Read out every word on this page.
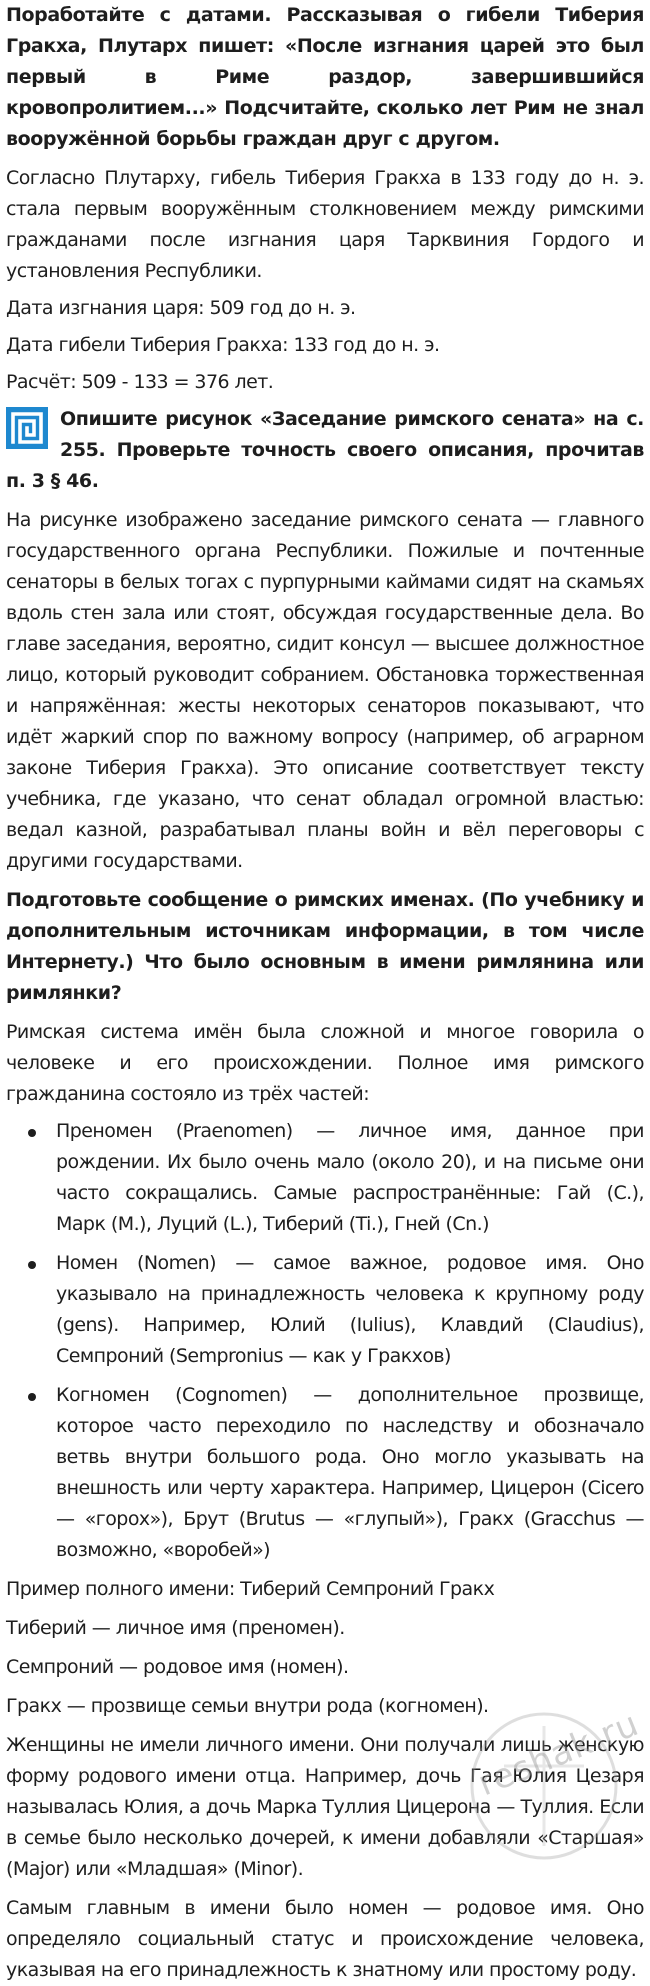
Поработайте с датами. Рассказывая о гибели Тиберия Гракха, Плутарх пишет: «После изгнания царей это был первый в Риме раздор, завершившийся кровопролитием...» Подсчитайте, сколько лет Рим не знал вооружённой борьбы граждан друг с другом.

Согласно Плутарху, гибель Тиберия Гракха в 133 году до н. э. стала первым вооружённым столкновением между римскими гражданами после изгнания царя Тарквиния Гордого и установления Республики.

Дата изгнания царя: 509 год до н. э.

Дата гибели Тиберия Гракха: 133 год до н. э.

Расчёт: 509 - 133 = 376 лет.

Опишите рисунок «Заседание римского сената» на с. 255. Проверьте точность своего описания, прочитав п. 3 § 46.

На рисунке изображено заседание римского сената — главного государственного органа Республики. Пожилые и почтенные сенаторы в белых тогах с пурпурными каймами сидят на скамьях вдоль стен зала или стоят, обсуждая государственные дела. Во главе заседания, вероятно, сидит консул — высшее должностное лицо, который руководит собранием. Обстановка торжественная и напряжённая: жесты некоторых сенаторов показывают, что идёт жаркий спор по важному вопросу (например, об аграрном законе Тиберия Гракха). Это описание соответствует тексту учебника, где указано, что сенат обладал огромной властью: ведал казной, разрабатывал планы войн и вёл переговоры с другими государствами.

Подготовьте сообщение о римских именах. (По учебнику и дополнительным источникам информации, в том числе Интернету.) Что было основным в имени римлянина или римлянки?

Римская система имён была сложной и многое говорила о человеке и его происхождении. Полное имя римского гражданина состояло из трёх частей:

Преномен (Praenomen) — личное имя, данное при рождении. Их было очень мало (около 20), и на письме они часто сокращались. Самые распространённые: Гай (C.), Марк (M.), Луций (L.), Тиберий (Ti.), Гней (Cn.)

Номен (Nomen) — самое важное, родовое имя. Оно указывало на принадлежность человека к крупному роду (gens). Например, Юлий (Iulius), Клавдий (Claudius), Семпроний (Sempronius — как у Гракхов)

Когномен (Cognomen) — дополнительное прозвище, которое часто переходило по наследству и обозначало ветвь внутри большого рода. Оно могло указывать на внешность или черту характера. Например, Цицерон (Cicero — «горох»), Брут (Brutus — «глупый»), Гракх (Gracchus — возможно, «воробей»)

Пример полного имени: Тиберий Семпроний Гракх

Тиберий — личное имя (преномен).

Семпроний — родовое имя (номен).

Гракх — прозвище семьи внутри рода (когномен).

Женщины не имели личного имени. Они получали лишь женскую форму родового имени отца. Например, дочь Гая Юлия Цезаря называлась Юлия, а дочь Марка Туллия Цицерона — Туллия. Если в семье было несколько дочерей, к имени добавляли «Старшая» (Major) или «Младшая» (Minor).

Самым главным в имени было номен — родовое имя. Оно определяло социальный статус и происхождение человека, указывая на его принадлежность к знатному или простому роду.

reshak.ru
